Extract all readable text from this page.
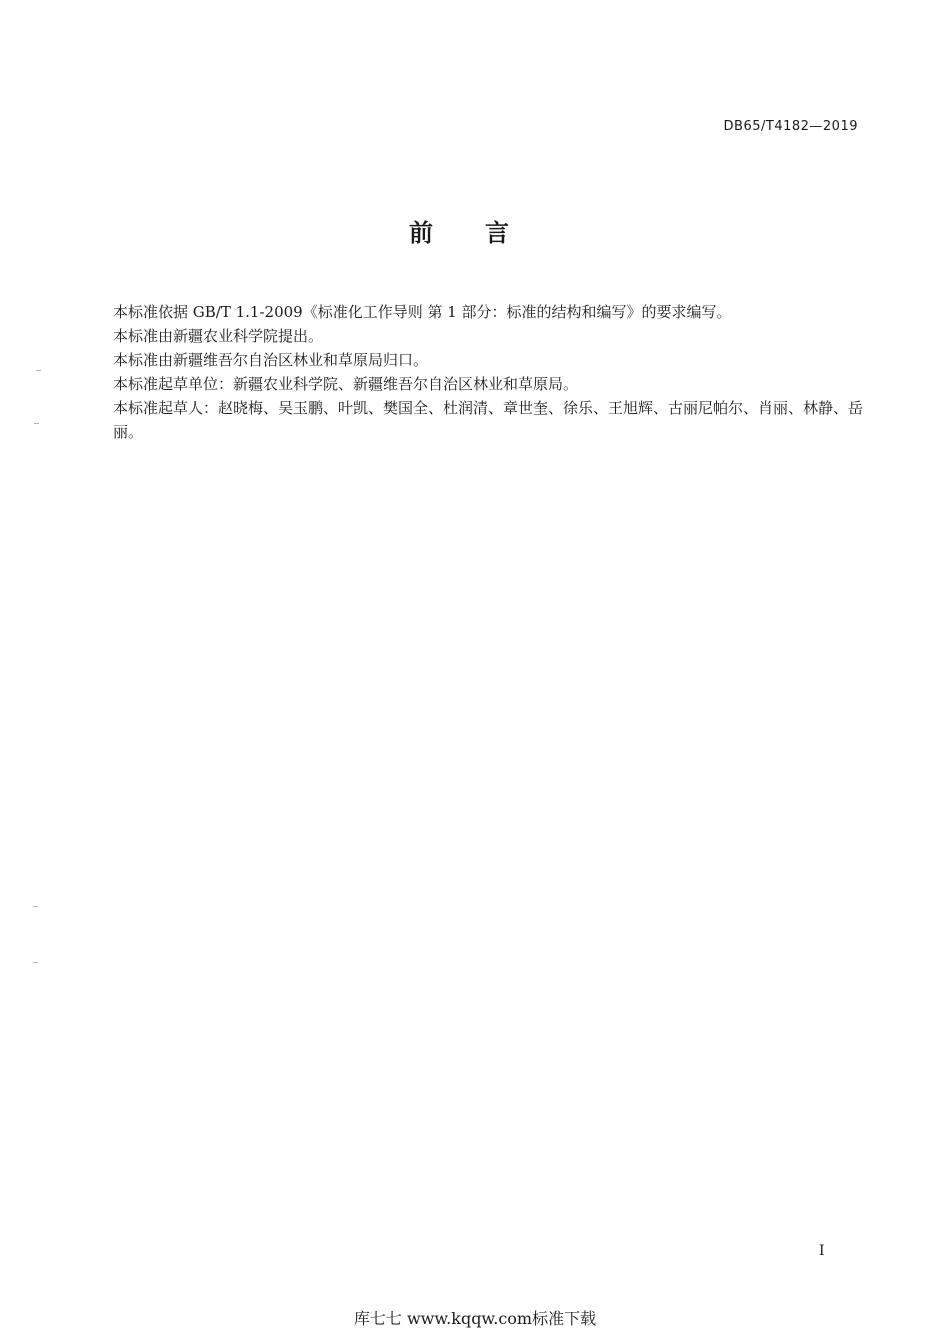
DB65/T4182—2019
前言

本标准依据 GB/T 1.1-2009《标准化工作导则 第 1 部分：标准的结构和编写》的要求编写。

本标准由新疆农业科学院提出。

本标准由新疆维吾尔自治区林业和草原局归口。

本标准起草单位：新疆农业科学院、新疆维吾尔自治区林业和草原局。

本标准起草人：赵晓梅、吴玉鹏、叶凯、樊国全、杜润清、章世奎、徐乐、王旭辉、古丽尼帕尔、肖丽、林静、岳丽。

I
库七七 www.kqqw.com标准下载
